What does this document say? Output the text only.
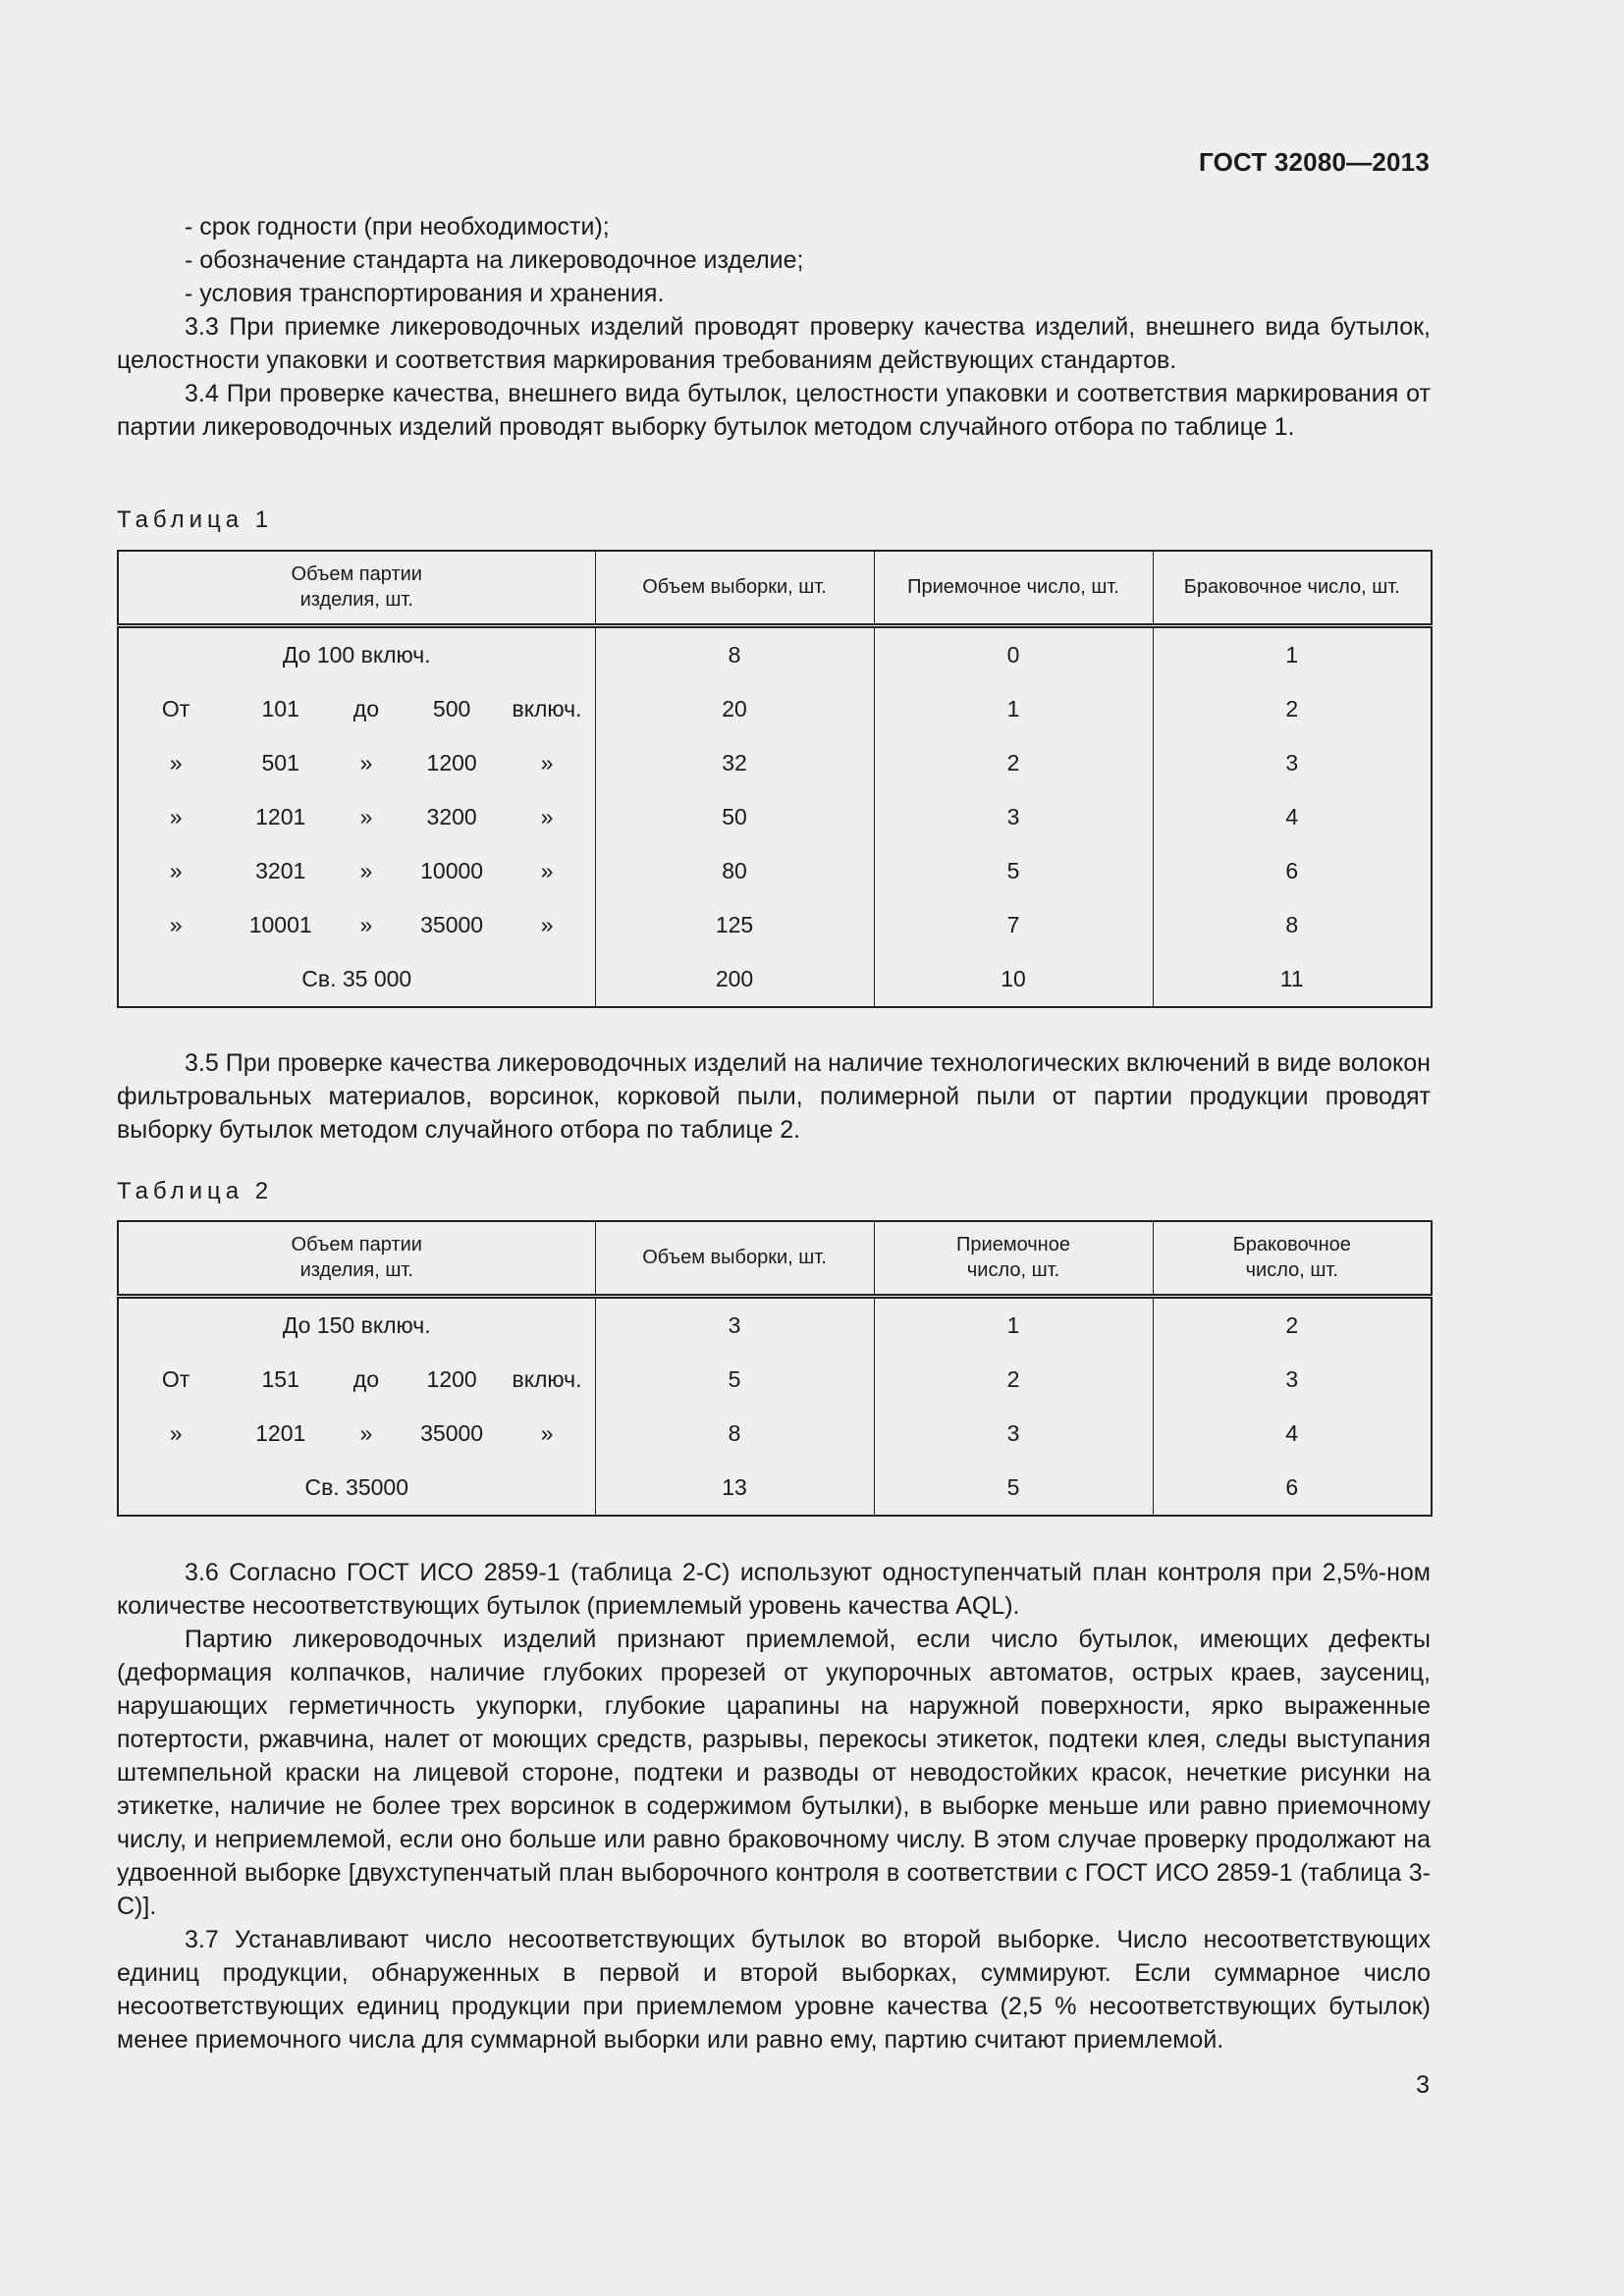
ГОСТ 32080—2013

- срок годности (при необходимости);

- обозначение стандарта на ликероводочное изделие;

- условия транспортирования и хранения.

3.3 При приемке ликероводочных изделий проводят проверку качества изделий, внешнего вида бутылок, целостности упаковки и соответствия маркирования требованиям действующих стандартов.

3.4 При проверке качества, внешнего вида бутылок, целостности упаковки и соответствия маркирования от партии ликероводочных изделий проводят выборку бутылок методом случайного отбора по таблице 1.

Таблица 1
Объем партии изделия, шт.	Объем выборки, шт.	Приемочное число, шт.	Браковочное число, шт.
До 100 включ.	8	0	1

От 101 до 500 включ.	20	1	2

» 501 » 1200 »	32	2	3

» 1201 » 3200 »	50	3	4

» 3201 » 10000 »	80	5	6

» 10001 » 35000 »	125	7	8
Св. 35 000	200	10	11

3.5 При проверке качества ликероводочных изделий на наличие технологических включений в виде волокон фильтровальных материалов, ворсинок, корковой пыли, полимерной пыли от партии продукции проводят выборку бутылок методом случайного отбора по таблице 2.

Таблица 2
Объем партии изделия, шт.	Объем выборки, шт.	Приемочное число, шт.	Браковочное число, шт.
До 150 включ.	3	1	2

От 151 до 1200 включ.	5	2	3

» 1201 » 35000 »	8	3	4
Св. 35000	13	5	6

3.6 Согласно ГОСТ ИСО 2859-1 (таблица 2-С) используют одноступенчатый план контроля при 2,5%-ном количестве несоответствующих бутылок (приемлемый уровень качества AQL).

Партию ликероводочных изделий признают приемлемой, если число бутылок, имеющих дефекты (деформация колпачков, наличие глубоких прорезей от укупорочных автоматов, острых краев, заусениц, нарушающих герметичность укупорки, глубокие царапины на наружной поверхности, ярко выраженные потертости, ржавчина, налет от моющих средств, разрывы, перекосы этикеток, подтеки клея, следы выступания штемпельной краски на лицевой стороне, подтеки и разводы от неводостойких красок, нечеткие рисунки на этикетке, наличие не более трех ворсинок в содержимом бутылки), в выборке меньше или равно приемочному числу, и неприемлемой, если оно больше или равно браковочному числу. В этом случае проверку продолжают на удвоенной выборке [двухступенчатый план выборочного контроля в соответствии с ГОСТ ИСО 2859-1 (таблица 3-С)].

3.7 Устанавливают число несоответствующих бутылок во второй выборке. Число несоответствующих единиц продукции, обнаруженных в первой и второй выборках, суммируют. Если суммарное число несоответствующих единиц продукции при приемлемом уровне качества (2,5 % несоответствующих бутылок) менее приемочного числа для суммарной выборки или равно ему, партию считают приемлемой.

3
